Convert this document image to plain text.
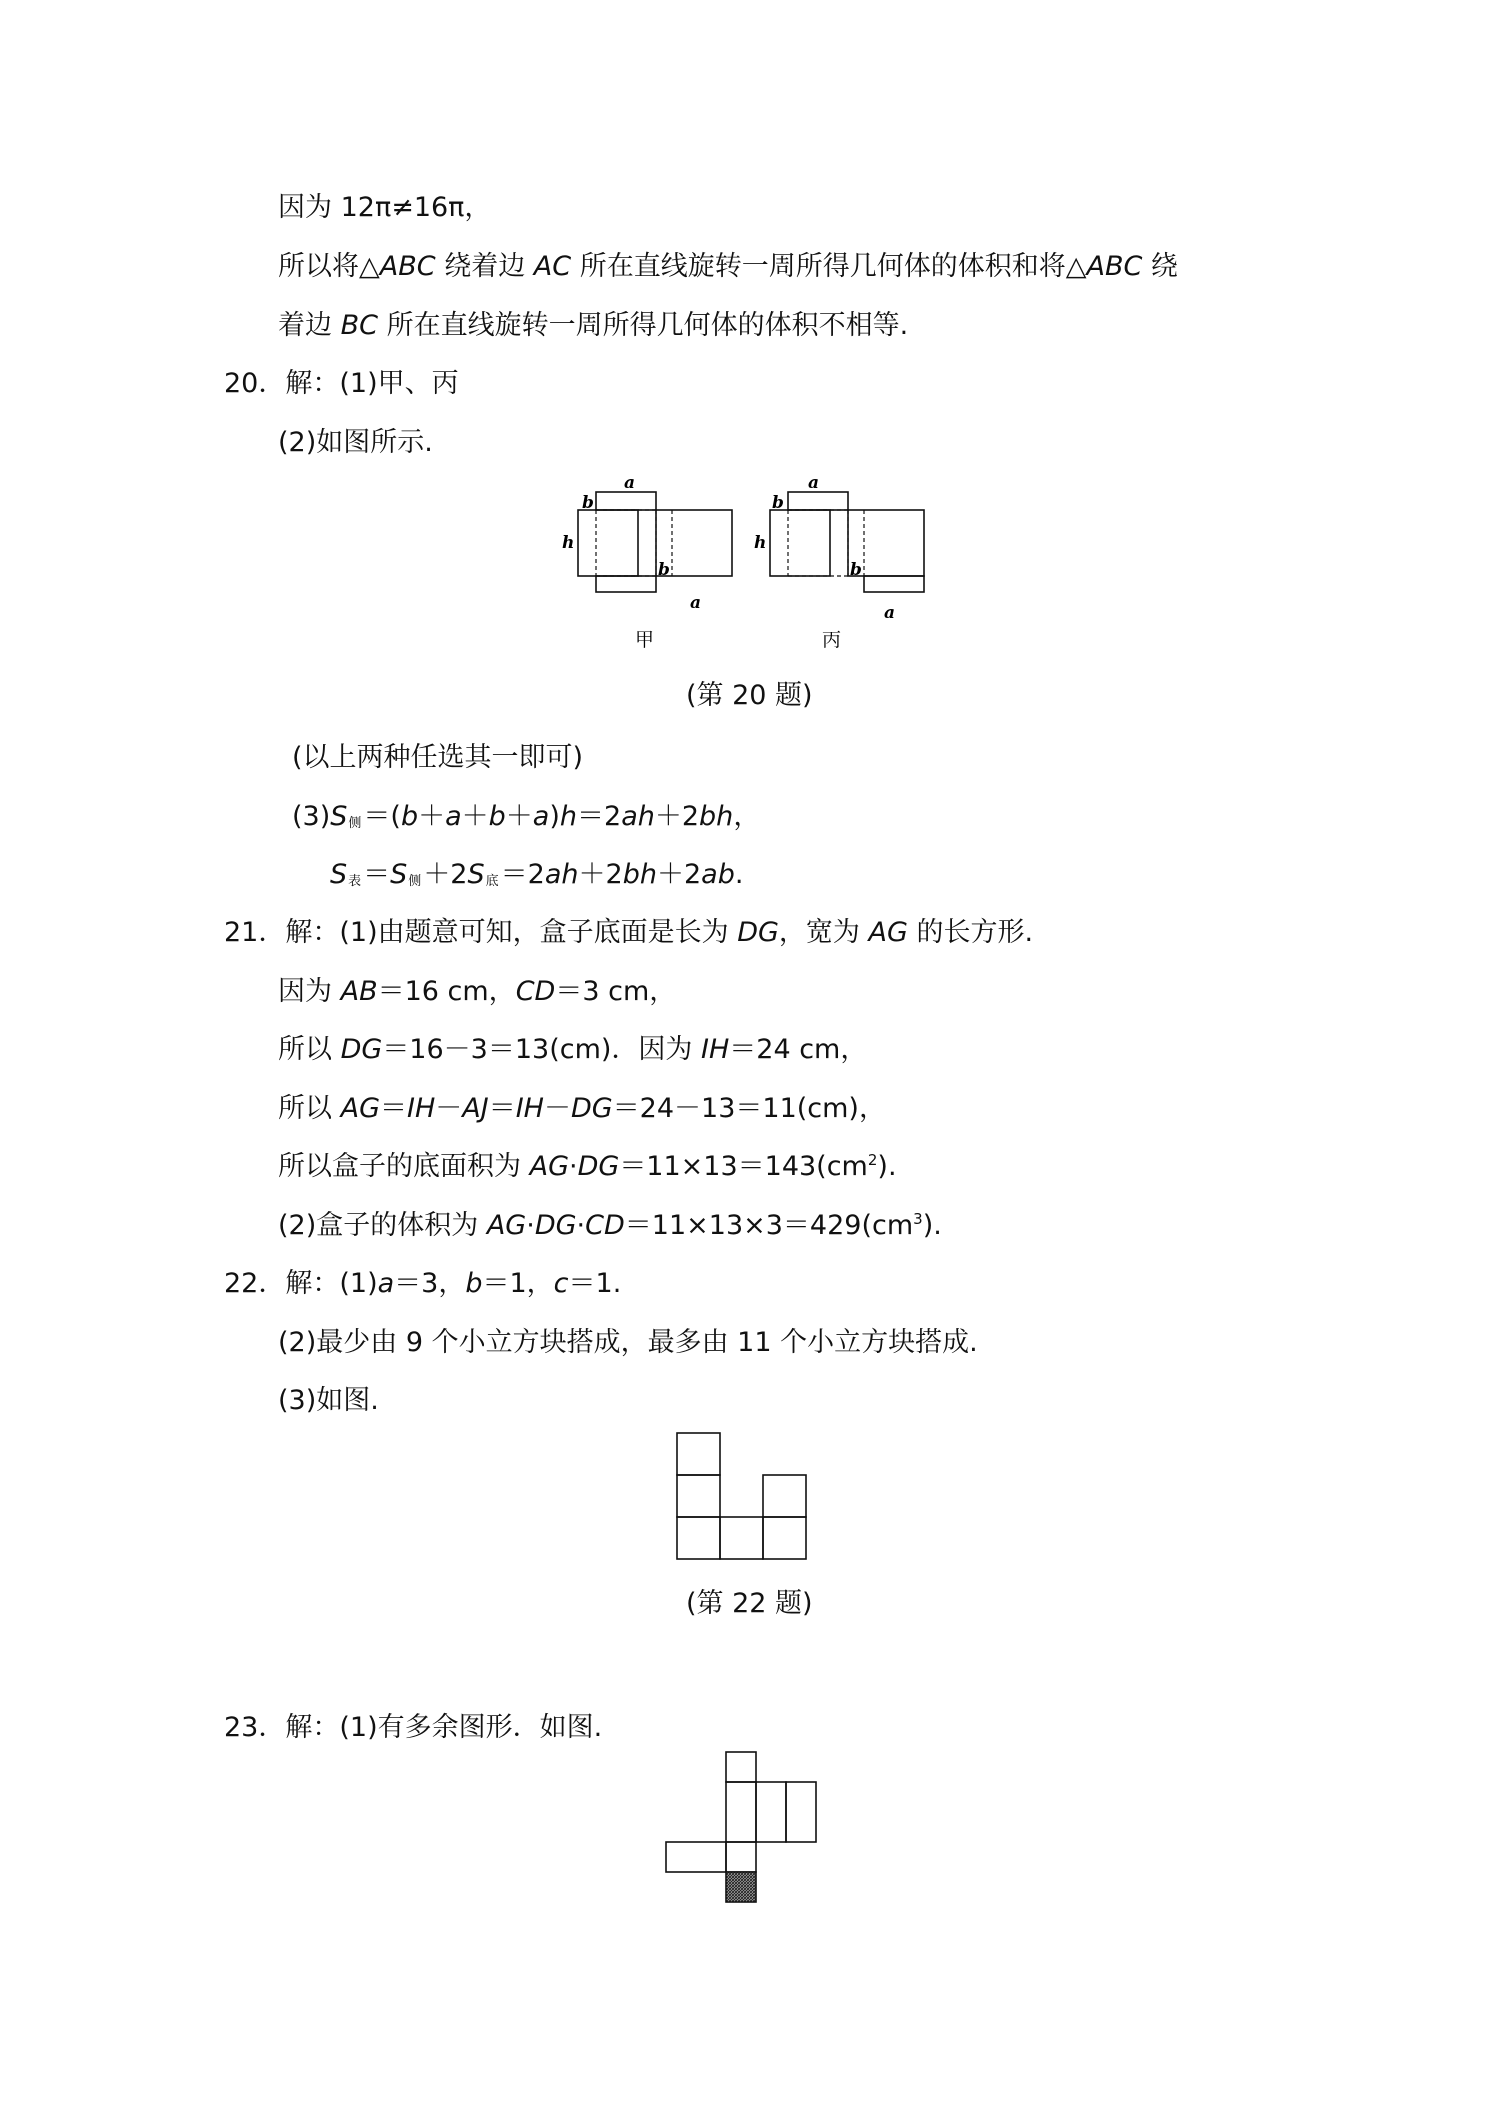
因为 12π≠16π，
所以将△ABC 绕着边 AC 所在直线旋转一周所得几何体的体积和将△ABC 绕
着边 BC 所在直线旋转一周所得几何体的体积不相等.
20．解：(1)甲、丙
(2)如图所示.
a
b
h
b
a
甲
a
b
h
b
a
丙
(第 20 题)
(以上两种任选其一即可)
(3)S侧＝(b＋a＋b＋a)h＝2ah＋2bh，
S表＝S侧＋2S底＝2ah＋2bh＋2ab.
21．解：(1)由题意可知，盒子底面是长为 DG，宽为 AG 的长方形.
因为 AB＝16 cm，CD＝3 cm，
所以 DG＝16－3＝13(cm)．因为 IH＝24 cm，
所以 AG＝IH－AJ＝IH－DG＝24－13＝11(cm)，
所以盒子的底面积为 $AG\cdot DG=11\times 13=143(cm^2)$.
(2)盒子的体积为 $AG\cdot DG\cdot CD=11\times 13\times 3=429(cm^3)$.
22．解：(1)a＝3，b＝1，c＝1.
(2)最少由 9 个小立方块搭成，最多由 11 个小立方块搭成.
(3)如图.
(第 22 题)
23．解：(1)有多余图形．如图.
